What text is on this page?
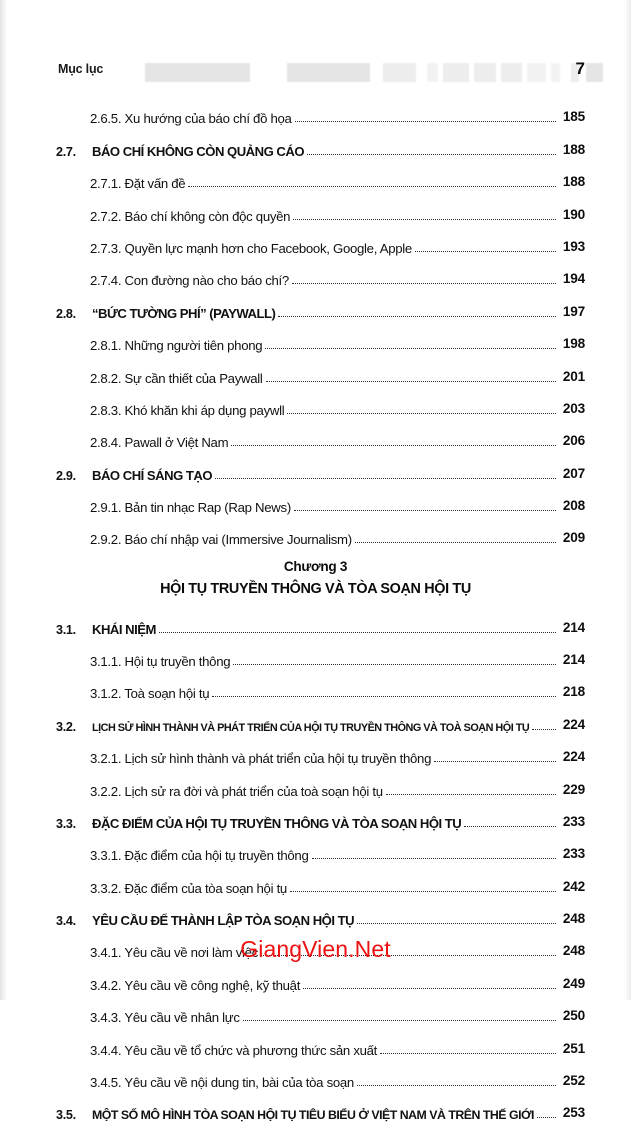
Mục lục	7
2.6.5. Xu hướng của báo chí đồ họa	185
2.7.	BÁO CHÍ KHÔNG CÒN QUẢNG CÁO	188
2.7.1. Đặt vấn đề	188
2.7.2. Báo chí không còn độc quyền	190
2.7.3. Quyền lực mạnh hơn cho Facebook, Google, Apple	193
2.7.4. Con đường nào cho báo chí?	194
2.8.	“BỨC TƯỜNG PHÍ” (PAYWALL)	197
2.8.1. Những người tiên phong	198
2.8.2. Sự cần thiết của Paywall	201
2.8.3. Khó khăn khi áp dụng paywll	203
2.8.4. Pawall ở Việt Nam	206
2.9.	BÁO CHÍ SÁNG TẠO	207
2.9.1. Bản tin nhạc Rap (Rap News)	208
2.9.2. Báo chí nhập vai (Immersive Journalism)	209
Chương 3
HỘI TỤ TRUYỀN THÔNG VÀ TÒA SOẠN HỘI TỤ
3.1.	KHÁI NIỆM	214
3.1.1. Hội tụ truyền thông	214
3.1.2. Toà soạn hội tụ	218
3.2.	LỊCH SỬ HÌNH THÀNH VÀ PHÁT TRIỂN CỦA HỘI TỤ TRUYỀN THÔNG VÀ TOÀ SOẠN HỘI TỤ 224
3.2.1. Lịch sử hình thành và phát triển của hội tụ truyền thông	224
3.2.2. Lịch sử ra đời và phát triển của toà soạn hội tụ	229
3.3.	ĐẶC ĐIỂM CỦA HỘI TỤ TRUYỀN THÔNG VÀ TÒA SOẠN HỘI TỤ	233
3.3.1. Đặc điểm của hội tụ truyền thông	233
3.3.2. Đặc điểm của tòa soạn hội tụ	242
3.4.	YÊU CẦU ĐỂ THÀNH LẬP TÒA SOẠN HỘI TỤ	248
3.4.1. Yêu cầu về nơi làm việc	248
3.4.2. Yêu cầu về công nghệ, kỹ thuật	249
3.4.3. Yêu cầu về nhân lực	250
3.4.4. Yêu cầu về tổ chức và phương thức sản xuất	251
3.4.5. Yêu cầu về nội dung tin, bài của tòa soạn	252
3.5.	MỘT SỐ MÔ HÌNH TÒA SOẠN HỘI TỤ TIÊU BIỂU Ở VIỆT NAM VÀ TRÊN THẾ GIỚI 253
GiangVien.Net
